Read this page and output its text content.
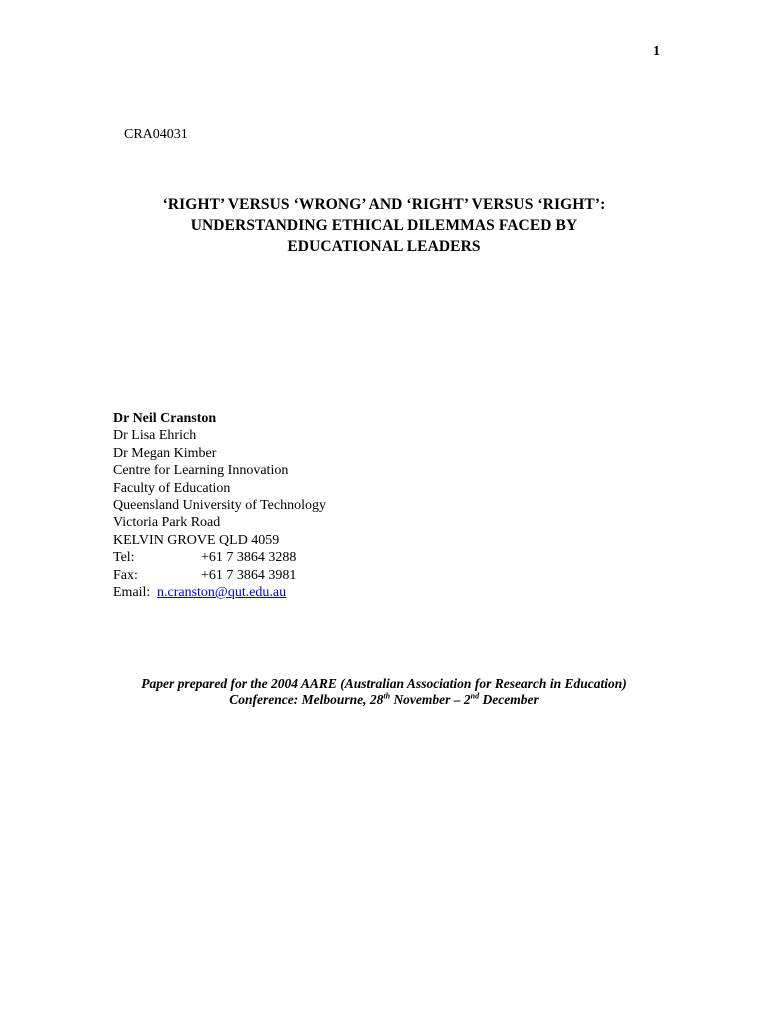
1
CRA04031
‘RIGHT’ VERSUS ‘WRONG’ AND ‘RIGHT’ VERSUS ‘RIGHT’:
UNDERSTANDING ETHICAL DILEMMAS FACED BY
EDUCATIONAL LEADERS
Dr Neil Cranston
Dr Lisa Ehrich
Dr Megan Kimber
Centre for Learning Innovation
Faculty of Education
Queensland University of Technology
Victoria Park Road
KELVIN GROVE QLD 4059
Tel:	+61 7 3864 3288
Fax:	+61 7 3864 3981
Email: n.cranston@qut.edu.au
Paper prepared for the 2004 AARE (Australian Association for Research in Education)
Conference: Melbourne, 28th November – 2nd December
